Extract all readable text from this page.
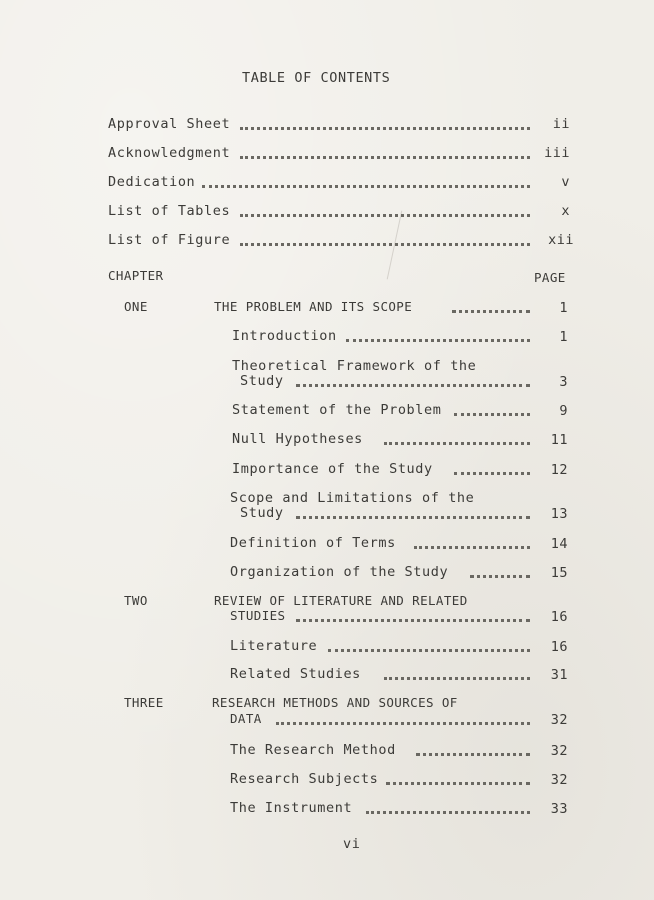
TABLE OF CONTENTS
Approval Sheet	ii
Acknowledgment	iii
Dedication	v
List of Tables	x
List of Figure	xii
CHAPTER	PAGE
ONE	THE PROBLEM AND ITS SCOPE	1
Introduction	1
Theoretical Framework of the
Study	3
Statement of the Problem	9
Null Hypotheses	11
Importance of the Study	12
Scope and Limitations of the
Study	13
Definition of Terms	14
Organization of the Study	15
TWO	REVIEW OF LITERATURE AND RELATED
STUDIES	16
Literature	16
Related Studies	31
THREE	RESEARCH METHODS AND SOURCES OF
DATA	32
The Research Method	32
Research Subjects	32
The Instrument	33
vi
